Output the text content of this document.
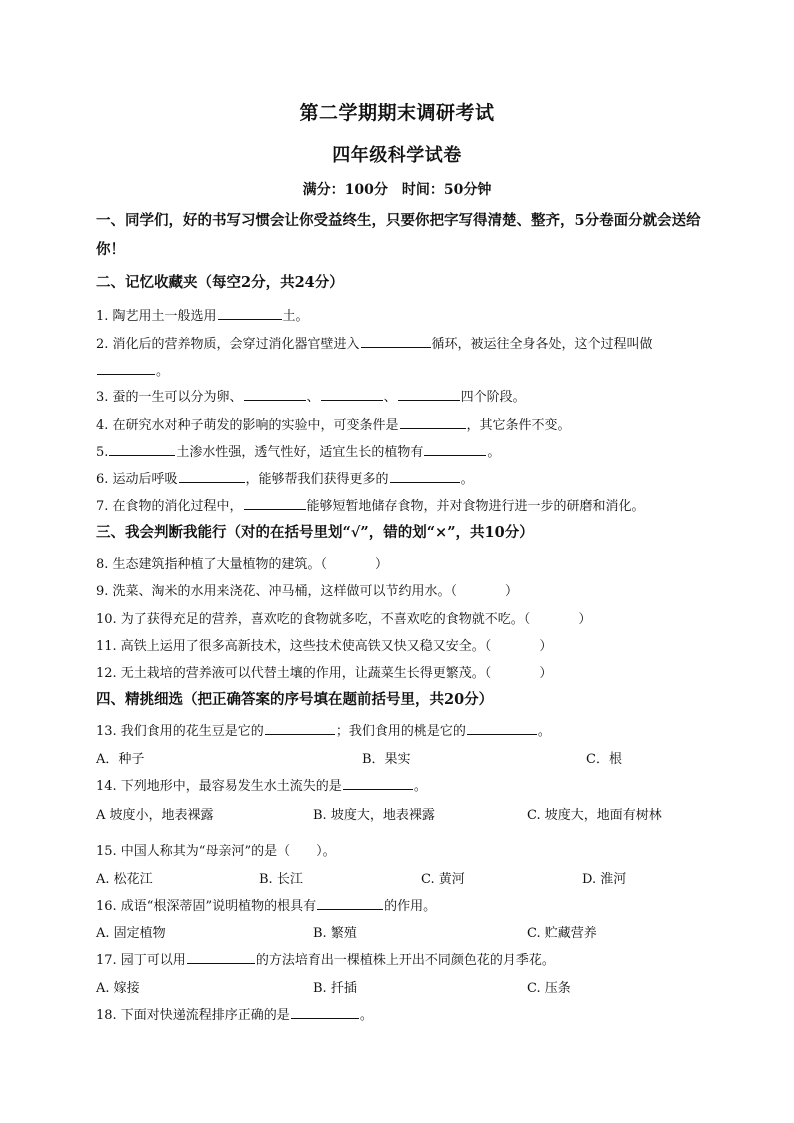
第二学期期末调研考试
四年级科学试卷
满分：100分　时间：50分钟
一、同学们，好的书写习惯会让你受益终生，只要你把字写得清楚、整齐，5分卷面分就会送给你！
二、记忆收藏夹（每空2分，共24分）
1. 陶艺用土一般选用	土。
2. 消化后的营养物质，会穿过消化器官壁进入	循环，被运往全身各处，这个过程叫做
。
3. 蚕的一生可以分为卵、	、	、	四个阶段。
4. 在研究水对种子萌发的影响的实验中，可变条件是	，其它条件不变。
5.	土渗水性强，透气性好，适宜生长的植物有	。
6. 运动后呼吸	，能够帮我们获得更多的	。
7. 在食物的消化过程中，	能够短暂地储存食物，并对食物进行进一步的研磨和消化。
三、我会判断我能行（对的在括号里划“√”，错的划“×”，共10分）
8. 生态建筑指种植了大量植物的建筑。（	）
9. 洗菜、淘米的水用来浇花、冲马桶，这样做可以节约用水。（	）
10. 为了获得充足的营养，喜欢吃的食物就多吃，不喜欢吃的食物就不吃。（	）
11. 高铁上运用了很多高新技术，这些技术使高铁又快又稳又安全。（	）
12. 无土栽培的营养液可以代替土壤的作用，让蔬菜生长得更繁茂。（	）
四、精挑细选（把正确答案的序号填在题前括号里，共20分）
13. 我们食用的花生豆是它的	；我们食用的桃是它的	。
A．种子	B．果实	C．根
14. 下列地形中，最容易发生水土流失的是	。
A 坡度小，地表裸露	B. 坡度大，地表裸露	C. 坡度大，地面有树林
15. 中国人称其为“母亲河”的是（　　）。
A. 松花江	B. 长江	C. 黄河	D. 淮河
16. 成语“根深蒂固”说明植物的根具有	的作用。
A. 固定植物	B. 繁殖	C. 贮藏营养
17. 园丁可以用	的方法培育出一棵植株上开出不同颜色花的月季花。
A. 嫁接	B. 扦插	C. 压条
18. 下面对快递流程排序正确的是	。
